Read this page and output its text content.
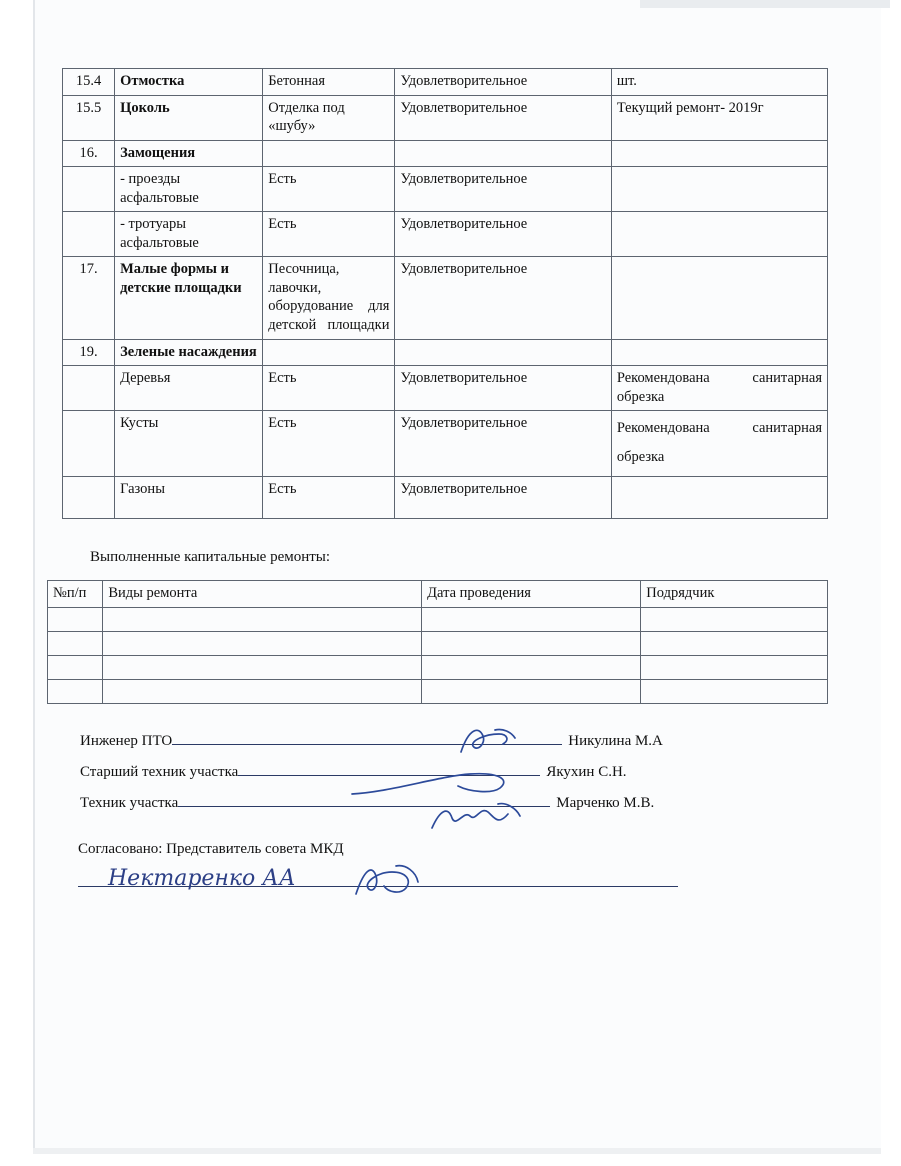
15.4	Отмостка	Бетонная	Удовлетворительное	шт.
15.5	Цоколь	Отделка под «шубу»	Удовлетворительное	Текущий ремонт- 2019г
16.	Замощения			
	- проезды асфальтовые	Есть	Удовлетворительное	
	- тротуары асфальтовые	Есть	Удовлетворительное	
17.	Малые формы и детские площадки	Песочница, лавочки, оборудование для детской площадки	Удовлетворительное	
19.	Зеленые насаждения			
	Деревья	Есть	Удовлетворительное	Рекомендована санитарная обрезка
	Кусты	Есть	Удовлетворительное	Рекомендована санитарная обрезка
	Газоны	Есть	Удовлетворительное	
Выполненные капитальные ремонты:
№п/п	Виды ремонта	Дата проведения	Подрядчик

Инженер ПТО	Никулина М.А
Старший техник участка	Якухин С.Н.
Техник участка	Марченко М.В.
Согласовано: Представитель совета МКД
Нектаренко АА
